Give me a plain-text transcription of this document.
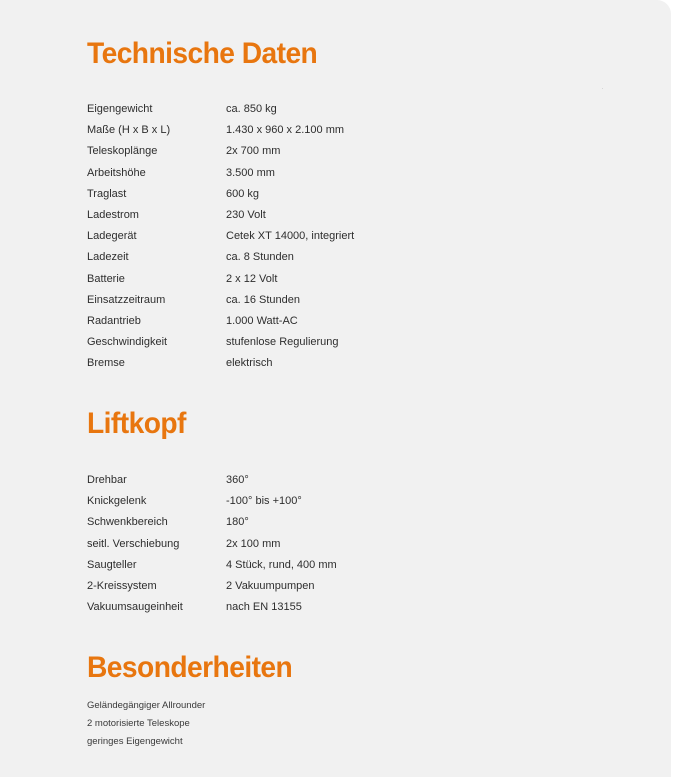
Technische Daten
Eigengewicht	ca. 850 kg
Maße (H x B x L)	1.430 x 960 x 2.100 mm
Teleskoplänge	2x 700 mm
Arbeitshöhe	3.500 mm
Traglast	600 kg
Ladestrom	230 Volt
Ladegerät	Cetek XT 14000, integriert
Ladezeit	ca. 8 Stunden
Batterie	2 x 12 Volt
Einsatzzeitraum	ca. 16 Stunden
Radantrieb	1.000 Watt-AC
Geschwindigkeit	stufenlose Regulierung
Bremse	elektrisch
Liftkopf
Drehbar	360°
Knickgelenk	-100° bis +100°
Schwenkbereich	180°
seitl. Verschiebung	2x 100 mm
Saugteller	4 Stück, rund, 400 mm
2-Kreissystem	2 Vakuumpumpen
Vakuumsaugeinheit	nach EN 13155
Besonderheiten
Geländegängiger Allrounder
2 motorisierte Teleskope
geringes Eigengewicht
